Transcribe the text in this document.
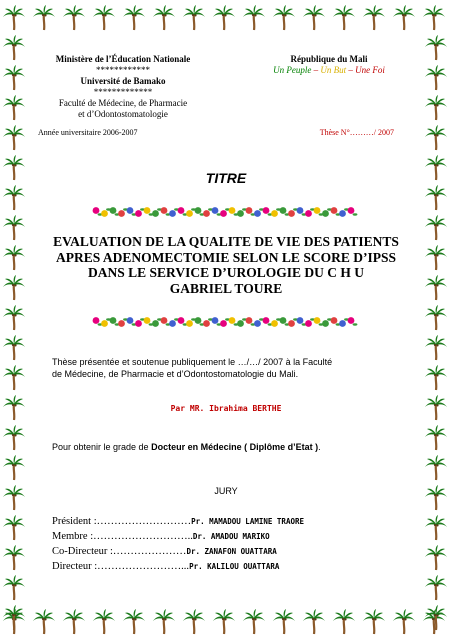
Ministère de l’Éducation Nationale
************
Université de Bamako
*************
Faculté de Médecine, de Pharmacie
et d’Odontostomatologie
République du Mali
Un Peuple – Un But – Une Foi
Année universitaire 2006-2007	Thèse N°………/ 2007
TITRE
EVALUATION DE LA QUALITE DE VIE DES PATIENTS
APRES ADENOMECTOMIE SELON LE SCORE D’IPSS
DANS LE SERVICE D’UROLOGIE DU C H U
GABRIEL TOURE
Thèse présentée et soutenue publiquement le …/…/ 2007 à la Faculté
de Médecine, de Pharmacie et d’Odontostomatologie du Mali.
Par MR. Ibrahima BERTHE
Pour obtenir le grade de Docteur en Médecine ( Diplôme d’Etat ).
JURY
Président :………………………Pr. MAMADOU LAMINE TRAORE
Membre :………………………..Dr. AMADOU MARIKO
Co-Directeur :…………………Dr. ZANAFON OUATTARA
Directeur :……………………...Pr. KALILOU OUATTARA
